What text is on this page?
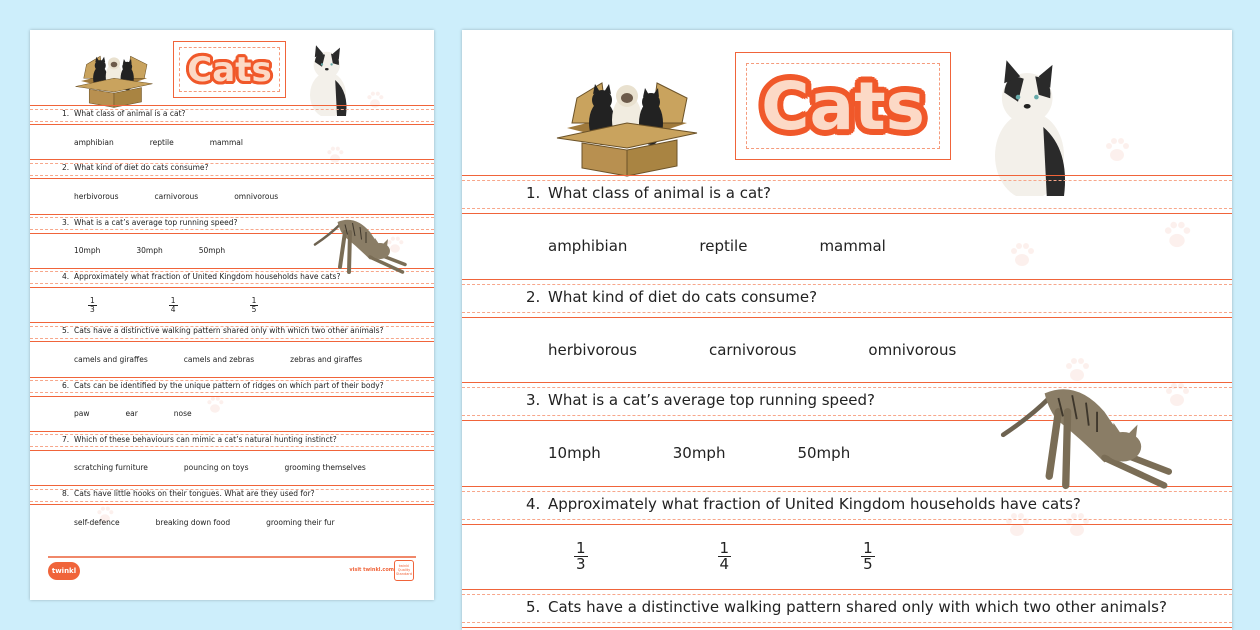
Cats
1. What class of animal is a cat?
amphibian	reptile	mammal
2. What kind of diet do cats consume?
herbivorous	carnivorous	omnivorous
3. What is a cat’s average top running speed?
10mph	30mph	50mph
4. Approximately what fraction of United Kingdom households have cats?
$\frac{1}{3}$	$\frac{1}{4}$	$\frac{1}{5}$
5. Cats have a distinctive walking pattern shared only with which two other animals?
camels and giraffes	camels and zebras	zebras and giraffes
6. Cats can be identified by the unique pattern of ridges on which part of their body?
paw	ear	nose
7. Which of these behaviours can mimic a cat’s natural hunting instinct?
scratching furniture	pouncing on toys	grooming themselves
8. Cats have little hooks on their tongues. What are they used for?
self-defence	breaking down food	grooming their fur
twinkl	visit twinkl.com
twinkl Quality Standard
Cats
1. What class of animal is a cat?
amphibian	reptile	mammal
2. What kind of diet do cats consume?
herbivorous	carnivorous	omnivorous
3. What is a cat’s average top running speed?
10mph	30mph	50mph
4. Approximately what fraction of United Kingdom households have cats?
$\frac{1}{3}$	$\frac{1}{4}$	$\frac{1}{5}$
5. Cats have a distinctive walking pattern shared only with which two other animals?
